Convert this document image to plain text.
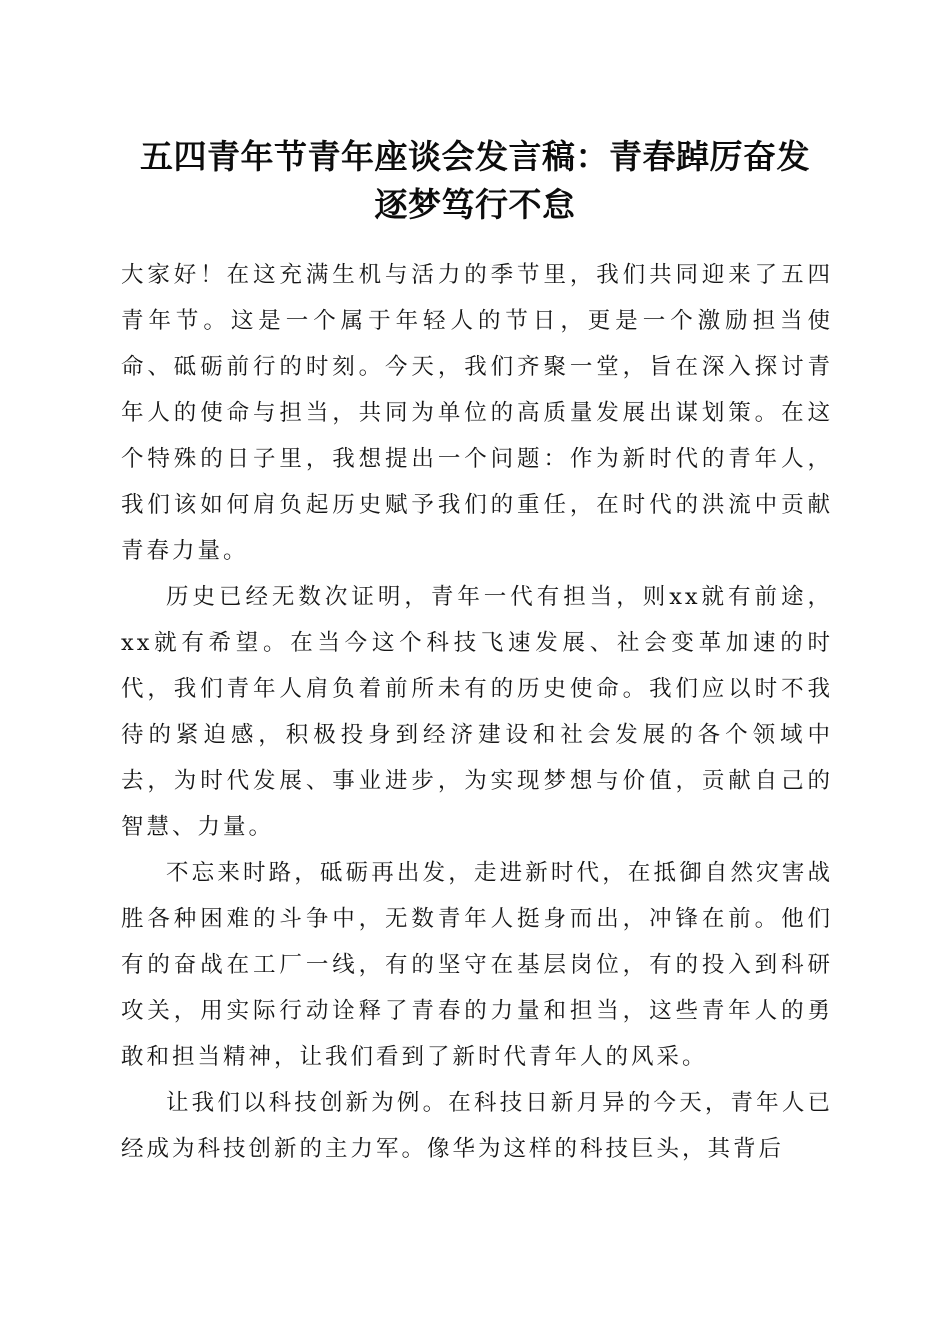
五四青年节青年座谈会发言稿：青春踔厉奋发
逐梦笃行不怠

大家好！在这充满生机与活力的季节里，我们共同迎来了五四青年节。这是一个属于年轻人的节日，更是一个激励担当使命、砥砺前行的时刻。今天，我们齐聚一堂，旨在深入探讨青年人的使命与担当，共同为单位的高质量发展出谋划策。在这个特殊的日子里，我想提出一个问题：作为新时代的青年人，我们该如何肩负起历史赋予我们的重任，在时代的洪流中贡献青春力量。

历史已经无数次证明，青年一代有担当，则xx就有前途，xx就有希望。在当今这个科技飞速发展、社会变革加速的时代，我们青年人肩负着前所未有的历史使命。我们应以时不我待的紧迫感，积极投身到经济建设和社会发展的各个领域中去，为时代发展、事业进步，为实现梦想与价值，贡献自己的智慧、力量。

不忘来时路，砥砺再出发，走进新时代，在抵御自然灾害战胜各种困难的斗争中，无数青年人挺身而出，冲锋在前。他们有的奋战在工厂一线，有的坚守在基层岗位，有的投入到科研攻关，用实际行动诠释了青春的力量和担当，这些青年人的勇敢和担当精神，让我们看到了新时代青年人的风采。

让我们以科技创新为例。在科技日新月异的今天，青年人已经成为科技创新的主力军。像华为这样的科技巨头，其背后
